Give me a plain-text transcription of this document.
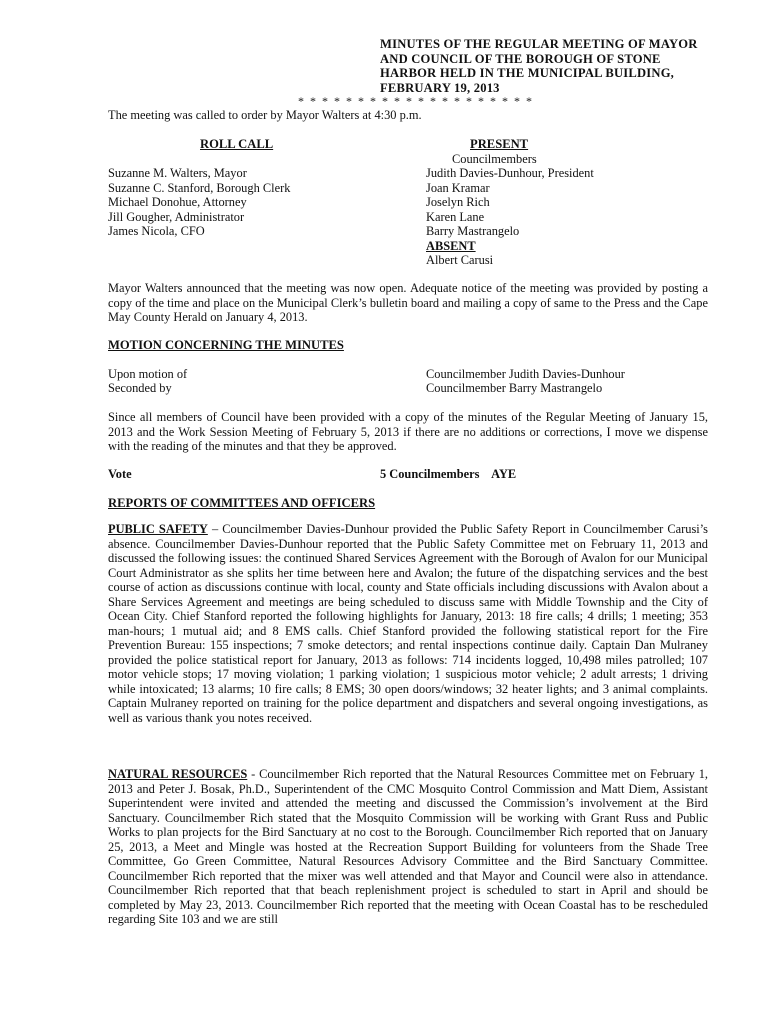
MINUTES OF THE REGULAR MEETING OF MAYOR AND COUNCIL OF THE BOROUGH OF STONE HARBOR HELD IN THE MUNICIPAL BUILDING, FEBRUARY 19, 2013
* * * * * * * * * * * * * * * * * * * *
The meeting was called to order by Mayor Walters at 4:30 p.m.
ROLL CALL	PRESENT
Suzanne M. Walters, Mayor
Suzanne C. Stanford, Borough Clerk
Michael Donohue, Attorney
Jill Gougher, Administrator
James Nicola, CFO
Councilmembers
Judith Davies-Dunhour, President
Joan Kramar
Joselyn Rich
Karen Lane
Barry Mastrangelo
ABSENT
Albert Carusi
Mayor Walters announced that the meeting was now open. Adequate notice of the meeting was provided by posting a copy of the time and place on the Municipal Clerk’s bulletin board and mailing a copy of same to the Press and the Cape May County Herald on January 4, 2013.
MOTION CONCERNING THE MINUTES
Upon motion of	Councilmember Judith Davies-Dunhour
Seconded by	Councilmember Barry Mastrangelo
Since all members of Council have been provided with a copy of the minutes of the Regular Meeting of January 15, 2013 and the Work Session Meeting of February 5, 2013 if there are no additions or corrections, I move we dispense with the reading of the minutes and that they be approved.
Vote	5 Councilmembers    AYE
REPORTS OF COMMITTEES AND OFFICERS
PUBLIC SAFETY – Councilmember Davies-Dunhour provided the Public Safety Report in Councilmember Carusi’s absence. Councilmember Davies-Dunhour reported that the Public Safety Committee met on February 11, 2013 and discussed the following issues: the continued Shared Services Agreement with the Borough of Avalon for our Municipal Court Administrator as she splits her time between here and Avalon; the future of the dispatching services and the best course of action as discussions continue with local, county and State officials including discussions with Avalon about a Share Services Agreement and meetings are being scheduled to discuss same with Middle Township and the City of Ocean City. Chief Stanford reported the following highlights for January, 2013: 18 fire calls; 4 drills; 1 meeting; 353 man-hours; 1 mutual aid; and 8 EMS calls. Chief Stanford provided the following statistical report for the Fire Prevention Bureau: 155 inspections; 7 smoke detectors; and rental inspections continue daily. Captain Dan Mulraney provided the police statistical report for January, 2013 as follows: 714 incidents logged, 10,498 miles patrolled; 107 motor vehicle stops; 17 moving violation; 1 parking violation; 1 suspicious motor vehicle; 2 adult arrests; 1 driving while intoxicated; 13 alarms; 10 fire calls; 8 EMS; 30 open doors/windows; 32 heater lights; and 3 animal complaints. Captain Mulraney reported on training for the police department and dispatchers and several ongoing investigations, as well as various thank you notes received.
NATURAL RESOURCES - Councilmember Rich reported that the Natural Resources Committee met on February 1, 2013 and Peter J. Bosak, Ph.D., Superintendent of the CMC Mosquito Control Commission and Matt Diem, Assistant Superintendent were invited and attended the meeting and discussed the Commission’s involvement at the Bird Sanctuary. Councilmember Rich stated that the Mosquito Commission will be working with Grant Russ and Public Works to plan projects for the Bird Sanctuary at no cost to the Borough. Councilmember Rich reported that on January 25, 2013, a Meet and Mingle was hosted at the Recreation Support Building for volunteers from the Shade Tree Committee, Go Green Committee, Natural Resources Advisory Committee and the Bird Sanctuary Committee. Councilmember Rich reported that the mixer was well attended and that Mayor and Council were also in attendance. Councilmember Rich reported that that beach replenishment project is scheduled to start in April and should be completed by May 23, 2013. Councilmember Rich reported that the meeting with Ocean Coastal has to be rescheduled regarding Site 103 and we are still
